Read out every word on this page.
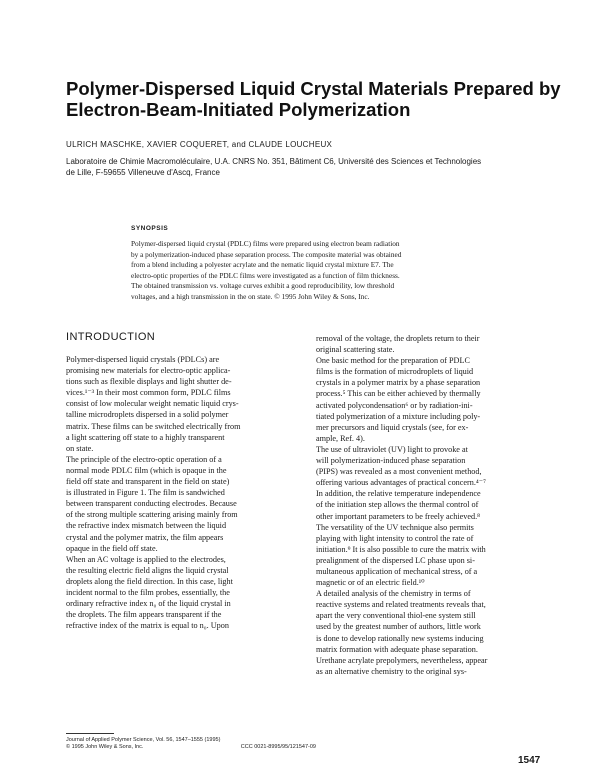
Polymer-Dispersed Liquid Crystal Materials Prepared by
Electron-Beam-Initiated Polymerization
ULRICH MASCHKE, XAVIER COQUERET, and CLAUDE LOUCHEUX
Laboratoire de Chimie Macromoléculaire, U.A. CNRS No. 351, Bâtiment C6, Université des Sciences et Technologies
de Lille, F-59655 Villeneuve d'Ascq, France
SYNOPSIS
Polymer-dispersed liquid crystal (PDLC) films were prepared using electron beam radiation
by a polymerization-induced phase separation process. The composite material was obtained
from a blend including a polyester acrylate and the nematic liquid crystal mixture E7. The
electro-optic properties of the PDLC films were investigated as a function of film thickness.
The obtained transmission vs. voltage curves exhibit a good reproducibility, low threshold
voltages, and a high transmission in the on state. © 1995 John Wiley & Sons, Inc.
INTRODUCTION
Polymer-dispersed liquid crystals (PDLCs) are
promising new materials for electro-optic applica-
tions such as flexible displays and light shutter de-
vices.¹⁻³ In their most common form, PDLC films
consist of low molecular weight nematic liquid crys-
talline microdroplets dispersed in a solid polymer
matrix. These films can be switched electrically from
a light scattering off state to a highly transparent
on state.
The principle of the electro-optic operation of a
normal mode PDLC film (which is opaque in the
field off state and transparent in the field on state)
is illustrated in Figure 1. The film is sandwiched
between transparent conducting electrodes. Because
of the strong multiple scattering arising mainly from
the refractive index mismatch between the liquid
crystal and the polymer matrix, the film appears
opaque in the field off state.
When an AC voltage is applied to the electrodes,
the resulting electric field aligns the liquid crystal
droplets along the field direction. In this case, light
incident normal to the film probes, essentially, the
ordinary refractive index n₀ of the liquid crystal in
the droplets. The film appears transparent if the
refractive index of the matrix is equal to n₀. Upon
removal of the voltage, the droplets return to their
original scattering state.
One basic method for the preparation of PDLC
films is the formation of microdroplets of liquid
crystals in a polymer matrix by a phase separation
process.⁵ This can be either achieved by thermally
activated polycondensation⁶ or by radiation-ini-
tiated polymerization of a mixture including poly-
mer precursors and liquid crystals (see, for ex-
ample, Ref. 4).
The use of ultraviolet (UV) light to provoke at
will polymerization-induced phase separation
(PIPS) was revealed as a most convenient method,
offering various advantages of practical concern.⁴⁻⁷
In addition, the relative temperature independence
of the initiation step allows the thermal control of
other important parameters to be freely achieved.⁸
The versatility of the UV technique also permits
playing with light intensity to control the rate of
initiation.⁹ It is also possible to cure the matrix with
prealignment of the dispersed LC phase upon si-
multaneous application of mechanical stress, of a
magnetic or of an electric field.¹⁰
A detailed analysis of the chemistry in terms of
reactive systems and related treatments reveals that,
apart the very conventional thiol-ene system still
used by the greatest number of authors, little work
is done to develop rationally new systems inducing
matrix formation with adequate phase separation.
Urethane acrylate prepolymers, nevertheless, appear
as an alternative chemistry to the original sys-
Journal of Applied Polymer Science, Vol. 56, 1547–1555 (1995)
© 1995 John Wiley & Sons, Inc.	CCC 0021-8995/95/121547-09
1547
